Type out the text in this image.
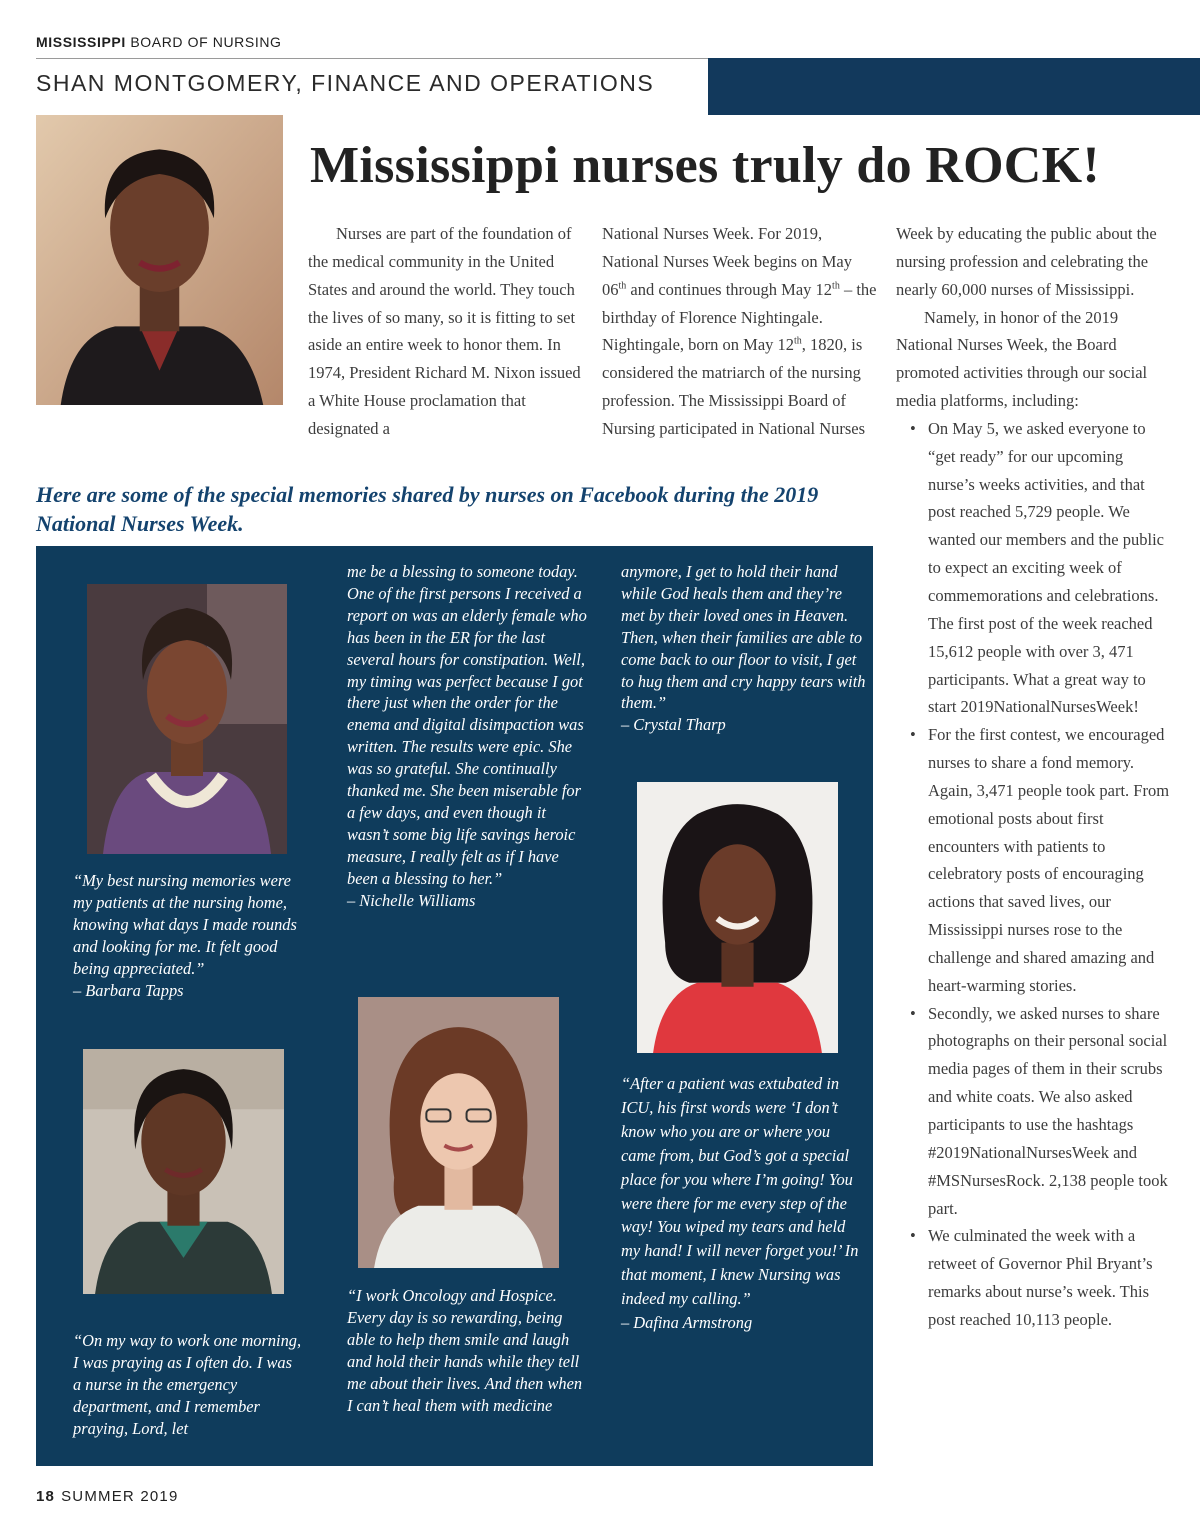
MISSISSIPPI BOARD OF NURSING
SHAN MONTGOMERY, FINANCE AND OPERATIONS
Mississippi nurses truly do ROCK!

Nurses are part of the foundation of the medical community in the United States and around the world. They touch the lives of so many, so it is fitting to set aside an entire week to honor them. In 1974, President Richard M. Nixon issued a White House proclamation that designated a

National Nurses Week. For 2019, National Nurses Week begins on May 06th and continues through May 12th – the birthday of Florence Nightingale. Nightingale, born on May 12th, 1820, is considered the matriarch of the nursing profession. The Mississippi Board of Nursing participated in National Nurses

Week by educating the public about the nursing profession and celebrating the nearly 60,000 nurses of Mississippi.

Namely, in honor of the 2019 National Nurses Week, the Board promoted activities through our social media platforms, including:

• On May 5, we asked everyone to “get ready” for our upcoming nurse’s weeks activities, and that post reached 5,729 people. We wanted our members and the public to expect an exciting week of commemorations and celebrations. The first post of the week reached 15,612 people with over 3, 471 participants. What a great way to start 2019NationalNursesWeek!
• For the first contest, we encouraged nurses to share a fond memory. Again, 3,471 people took part. From emotional posts about first encounters with patients to celebratory posts of encouraging actions that saved lives, our Mississippi nurses rose to the challenge and shared amazing and heart-warming stories.
• Secondly, we asked nurses to share photographs on their personal social media pages of them in their scrubs and white coats. We also asked participants to use the hashtags #2019NationalNursesWeek and #MSNursesRock. 2,138 people took part.
• We culminated the week with a retweet of Governor Phil Bryant’s remarks about nurse’s week. This post reached 10,113 people.
Here are some of the special memories shared by nurses on Facebook during the 2019 National Nurses Week.
“My best nursing memories were my patients at the nursing home, knowing what days I made rounds and looking for me. It felt good being appreciated.”
– Barbara Tapps
“On my way to work one morning, I was praying as I often do. I was a nurse in the emergency department, and I remember praying, Lord, let
me be a blessing to someone today. One of the first persons I received a report on was an elderly female who has been in the ER for the last several hours for constipation. Well, my timing was perfect because I got there just when the order for the enema and digital disimpaction was written. The results were epic. She was so grateful. She continually thanked me. She been miserable for a few days, and even though it wasn’t some big life savings heroic measure, I really felt as if I have been a blessing to her.”
– Nichelle Williams
“I work Oncology and Hospice. Every day is so rewarding, being able to help them smile and laugh and hold their hands while they tell me about their lives. And then when I can’t heal them with medicine
anymore, I get to hold their hand while God heals them and they’re met by their loved ones in Heaven. Then, when their families are able to come back to our floor to visit, I get to hug them and cry happy tears with them.”
– Crystal Tharp
“After a patient was extubated in ICU, his first words were ‘I don’t know who you are or where you came from, but God’s got a special place for you where I’m going! You were there for me every step of the way! You wiped my tears and held my hand! I will never forget you!’ In that moment, I knew Nursing was indeed my calling.”
– Dafina Armstrong
18 SUMMER 2019
